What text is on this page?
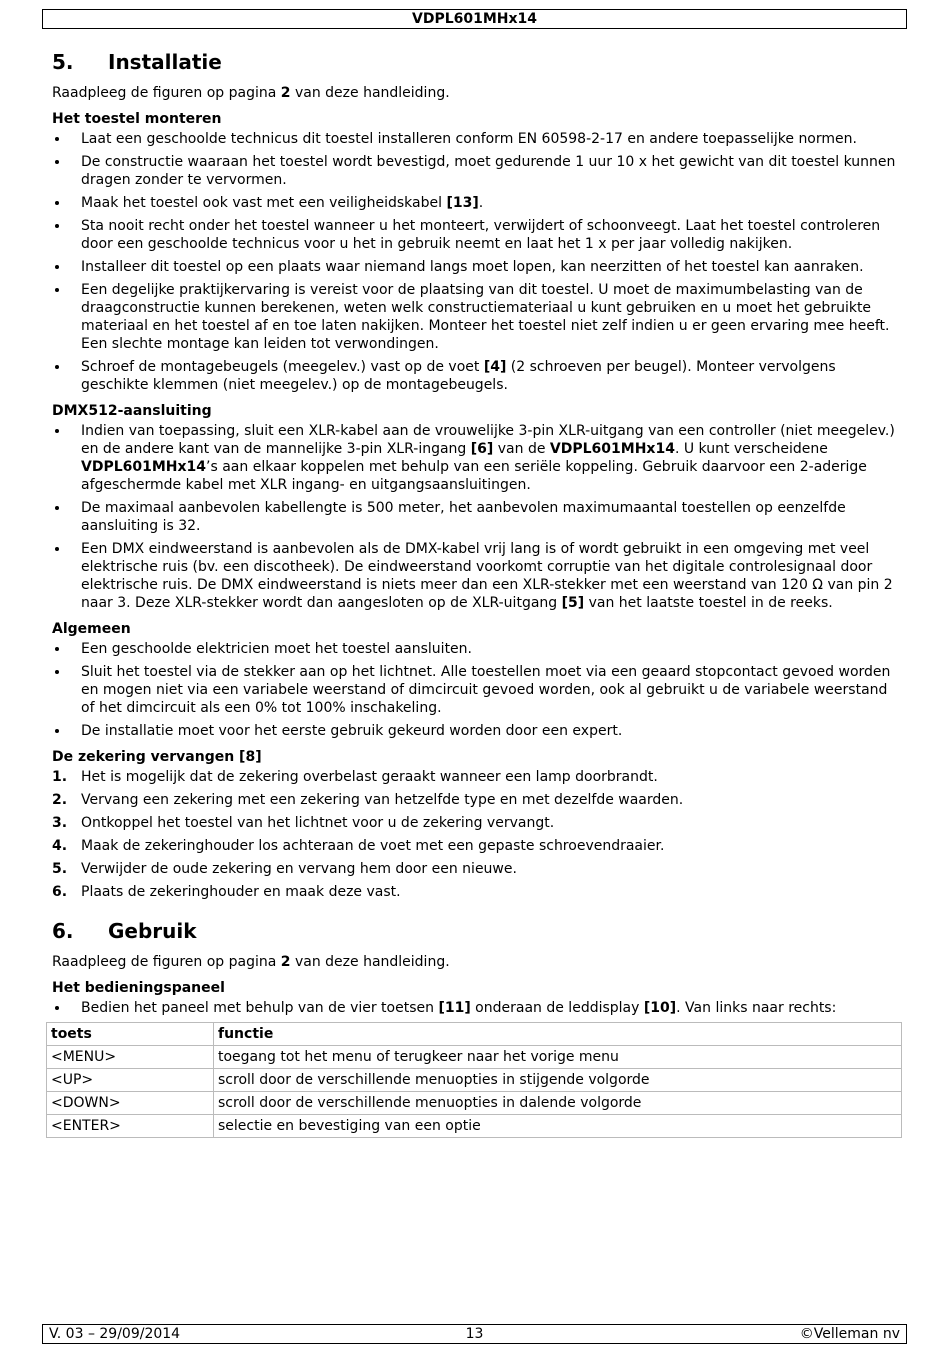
VDPL601MHx14
5. Installatie

Raadpleeg de figuren op pagina 2 van deze handleiding.

Het toestel monteren
Laat een geschoolde technicus dit toestel installeren conform EN 60598-2-17 en andere toepasselijke normen.
De constructie waaraan het toestel wordt bevestigd, moet gedurende 1 uur 10 x het gewicht van dit toestel kunnen dragen zonder te vervormen.
Maak het toestel ook vast met een veiligheidskabel [13].
Sta nooit recht onder het toestel wanneer u het monteert, verwijdert of schoonveegt. Laat het toestel controleren door een geschoolde technicus voor u het in gebruik neemt en laat het 1 x per jaar volledig nakijken.
Installeer dit toestel op een plaats waar niemand langs moet lopen, kan neerzitten of het toestel kan aanraken.
Een degelijke praktijkervaring is vereist voor de plaatsing van dit toestel. U moet de maximumbelasting van de draagconstructie kunnen berekenen, weten welk constructiemateriaal u kunt gebruiken en u moet het gebruikte materiaal en het toestel af en toe laten nakijken. Monteer het toestel niet zelf indien u er geen ervaring mee heeft. Een slechte montage kan leiden tot verwondingen.
Schroef de montagebeugels (meegelev.) vast op de voet [4] (2 schroeven per beugel). Monteer vervolgens geschikte klemmen (niet meegelev.) op de montagebeugels.
DMX512-aansluiting
Indien van toepassing, sluit een XLR-kabel aan de vrouwelijke 3-pin XLR-uitgang van een controller (niet meegelev.) en de andere kant van de mannelijke 3-pin XLR-ingang [6] van de VDPL601MHx14. U kunt verscheidene VDPL601MHx14’s aan elkaar koppelen met behulp van een seriële koppeling. Gebruik daarvoor een 2-aderige afgeschermde kabel met XLR ingang- en uitgangsaansluitingen.
De maximaal aanbevolen kabellengte is 500 meter, het aanbevolen maximumaantal toestellen op eenzelfde aansluiting is 32.
Een DMX eindweerstand is aanbevolen als de DMX-kabel vrij lang is of wordt gebruikt in een omgeving met veel elektrische ruis (bv. een discotheek). De eindweerstand voorkomt corruptie van het digitale controlesignaal door elektrische ruis. De DMX eindweerstand is niets meer dan een XLR-stekker met een weerstand van 120 Ω van pin 2 naar 3. Deze XLR-stekker wordt dan aangesloten op de XLR-uitgang [5] van het laatste toestel in de reeks.
Algemeen
Een geschoolde elektricien moet het toestel aansluiten.
Sluit het toestel via de stekker aan op het lichtnet. Alle toestellen moet via een geaard stopcontact gevoed worden en mogen niet via een variabele weerstand of dimcircuit gevoed worden, ook al gebruikt u de variabele weerstand of het dimcircuit als een 0% tot 100% inschakeling.
De installatie moet voor het eerste gebruik gekeurd worden door een expert.
De zekering vervangen [8]
1. Het is mogelijk dat de zekering overbelast geraakt wanneer een lamp doorbrandt.
2. Vervang een zekering met een zekering van hetzelfde type en met dezelfde waarden.
3. Ontkoppel het toestel van het lichtnet voor u de zekering vervangt.
4. Maak de zekeringhouder los achteraan de voet met een gepaste schroevendraaier.
5. Verwijder de oude zekering en vervang hem door een nieuwe.
6. Plaats de zekeringhouder en maak deze vast.
6. Gebruik

Raadpleeg de figuren op pagina 2 van deze handleiding.

Het bedieningspaneel
Bedien het paneel met behulp van de vier toetsen [11] onderaan de leddisplay [10]. Van links naar rechts:
toets	functie
<MENU>	toegang tot het menu of terugkeer naar het vorige menu
<UP>	scroll door de verschillende menuopties in stijgende volgorde
<DOWN>	scroll door de verschillende menuopties in dalende volgorde
<ENTER>	selectie en bevestiging van een optie
V. 03 – 29/09/2014	13	©Velleman nv
